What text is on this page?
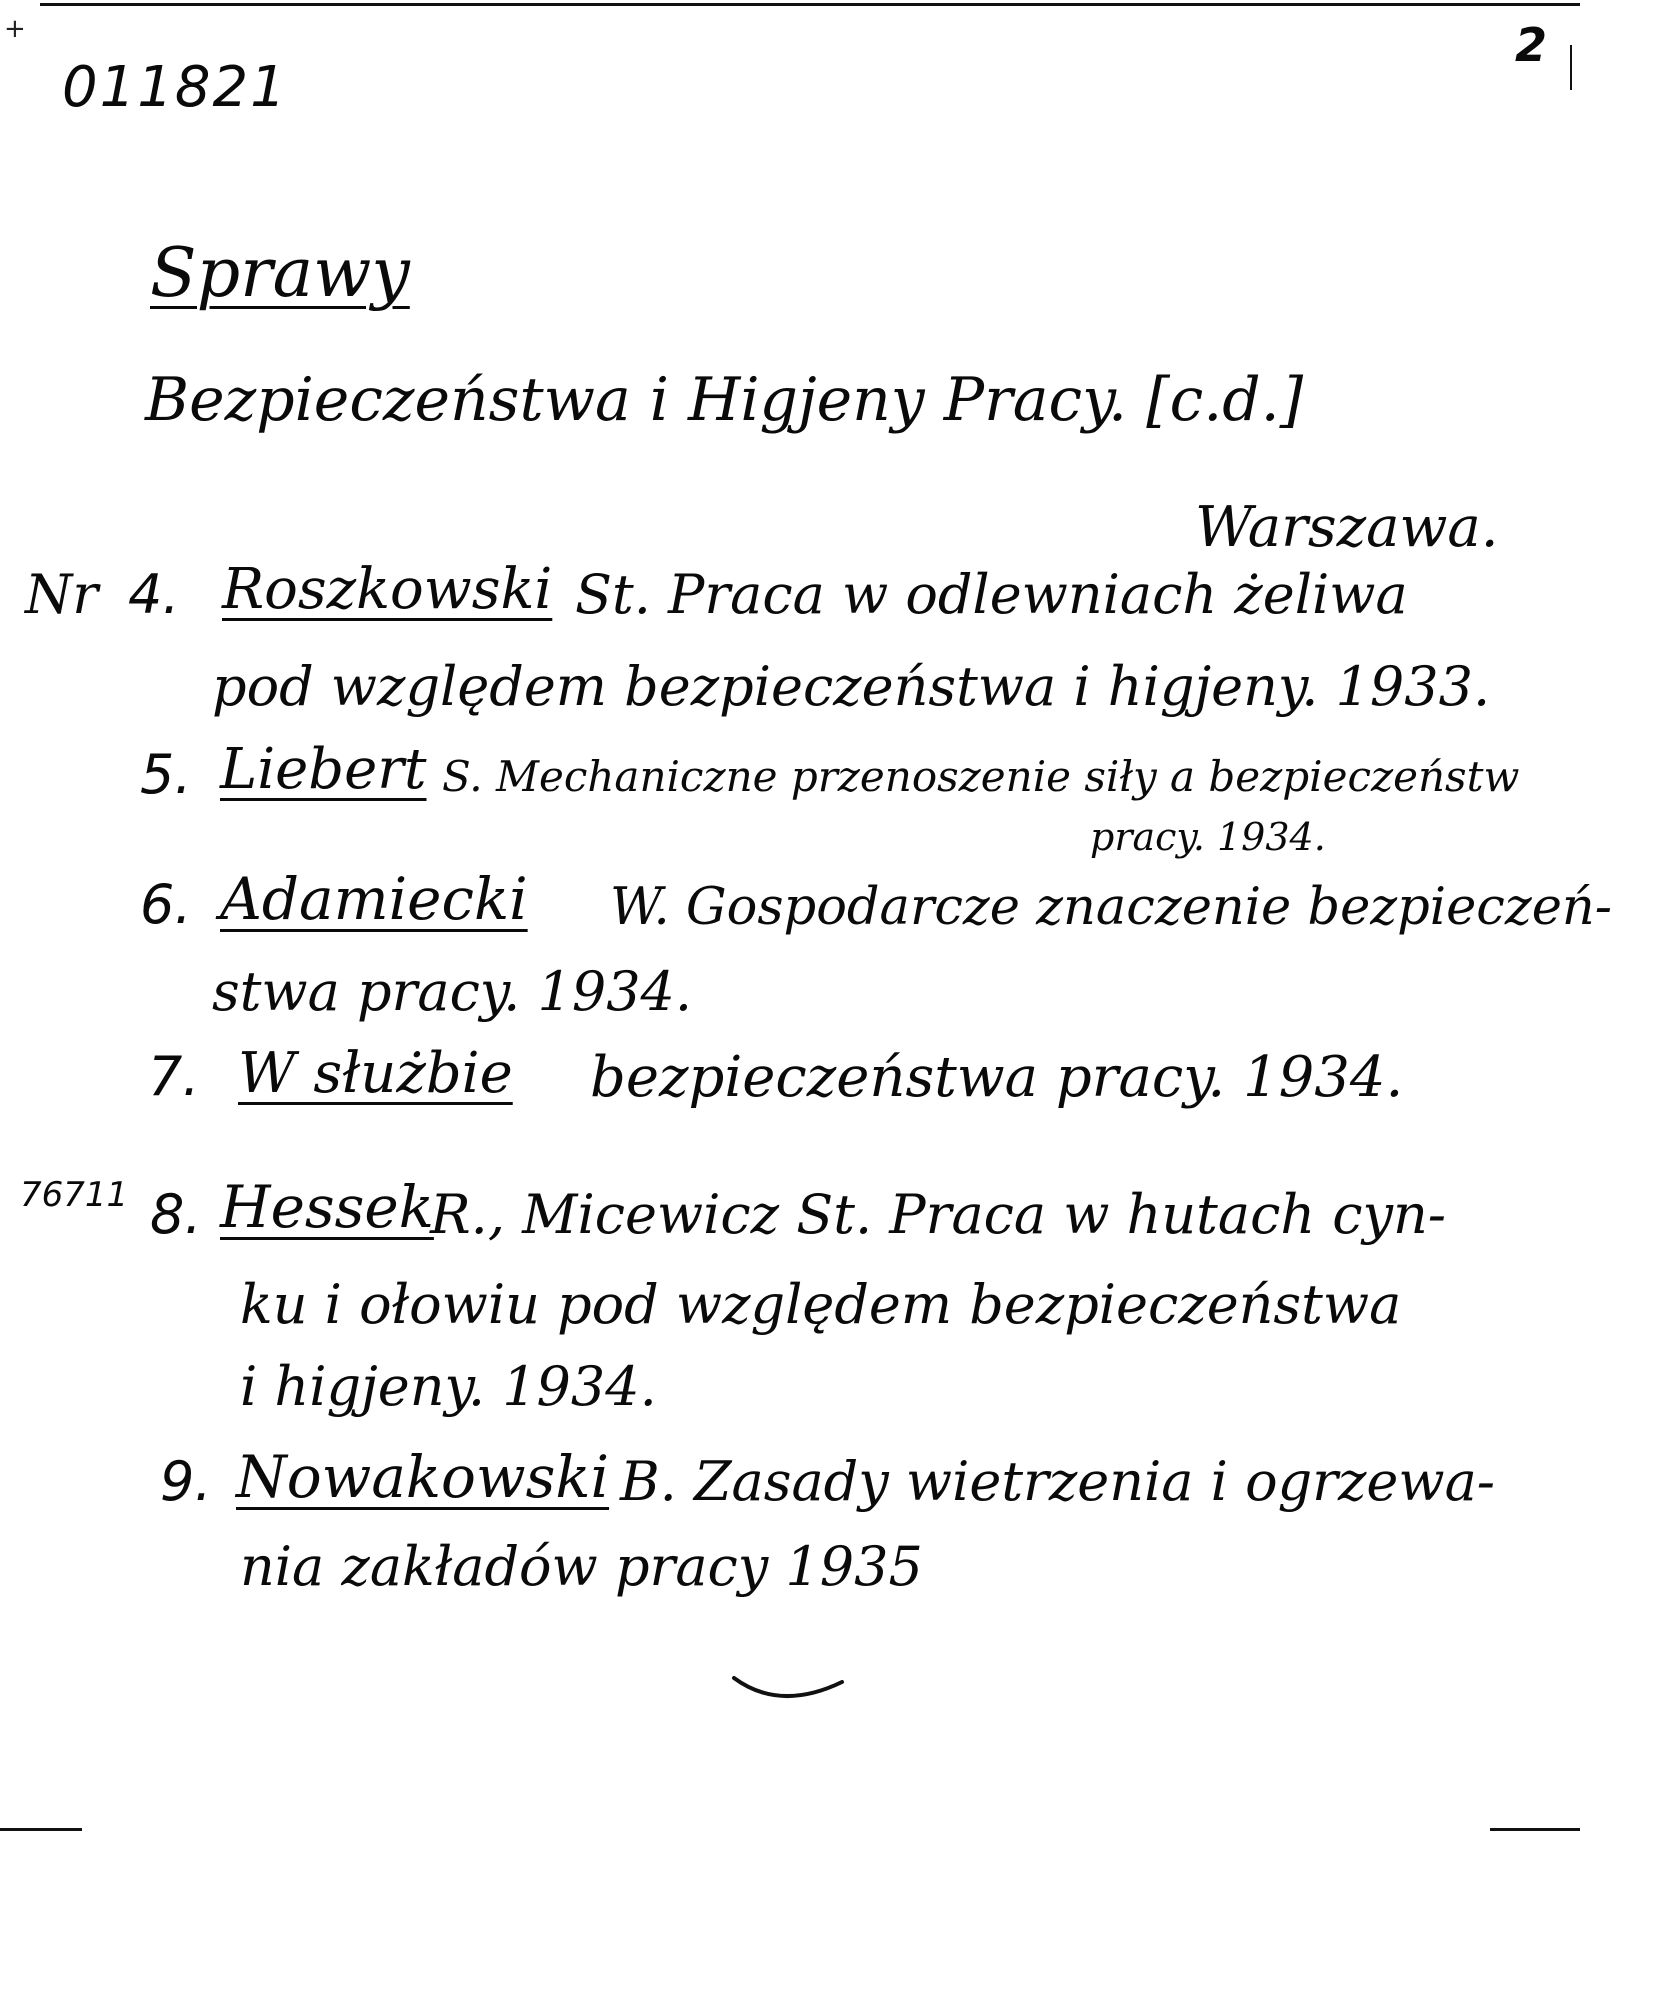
+
011821
2
Sprawy
Bezpieczeństwa i Higjeny Pracy. [c.d.]
Warszawa.
Nr 4. Roszkowski St. Praca w odlewniach żeliwa
pod względem bezpieczeństwa i higjeny. 1933.
5. Liebert S. Mechaniczne przenoszenie siły a bezpieczeństw
pracy. 1934.
6. Adamiecki W. Gospodarcze znaczenie bezpieczeń-
stwa pracy. 1934.
7. W służbie bezpieczeństwa pracy. 1934.
76711 8. Hessek
R., Micewicz St. Praca w hutach cyn-
ku i ołowiu pod względem bezpieczeństwa
i higjeny. 1934.
9. Nowakowski B. Zasady wietrzenia i ogrzewa-
nia zakładów pracy 1935
